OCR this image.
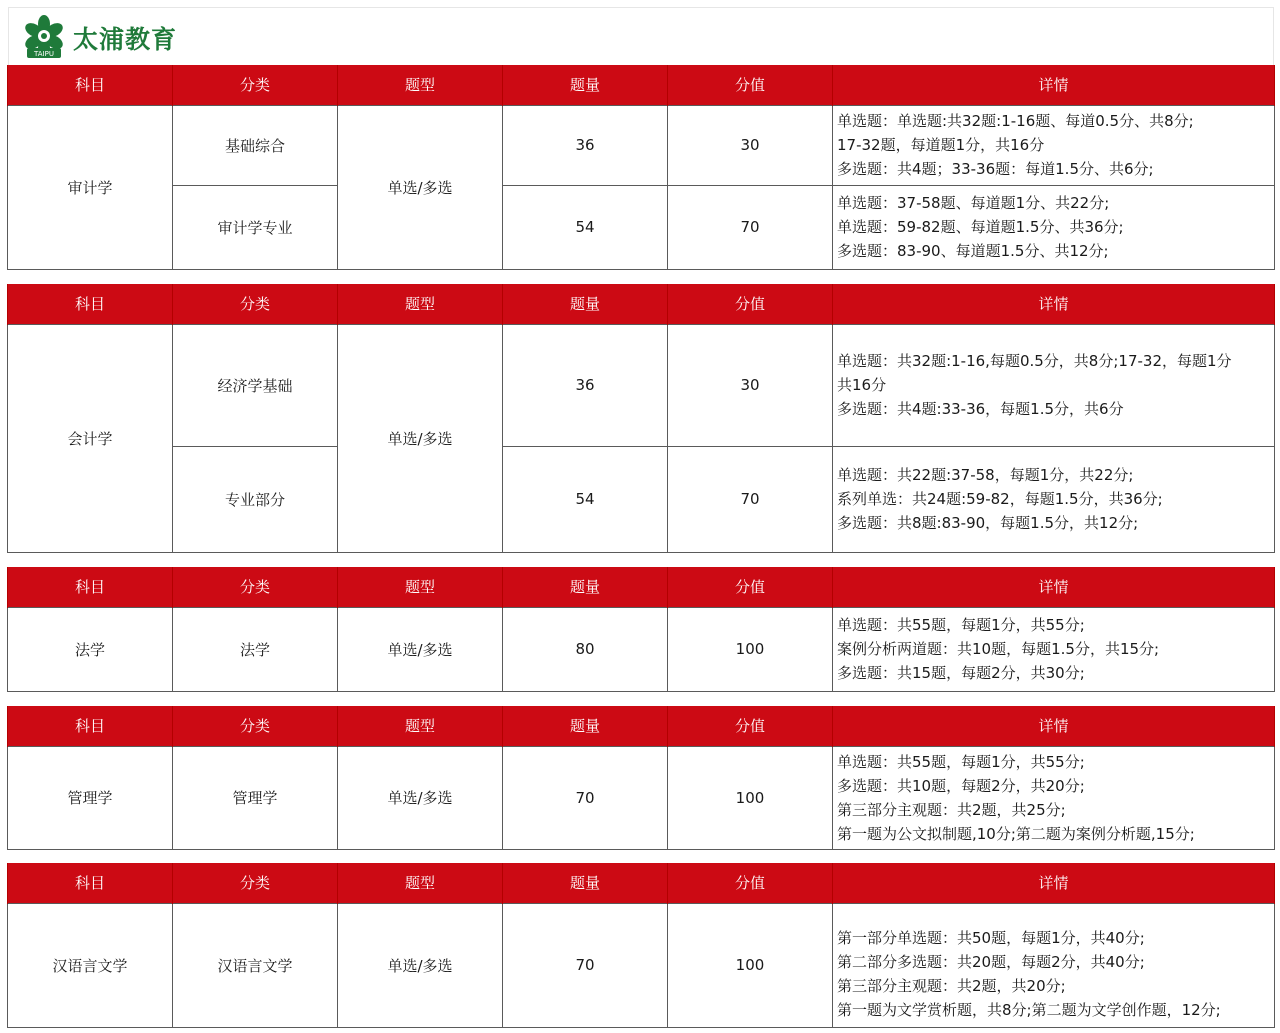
TAIPU 太浦教育
科目	分类	题型	题量	分值	详情
审计学	基础综合	单选/多选	36	30	单选题：单选题:共32题:1-16题、每道0.5分、共8分;
17-32题，每道题1分，共16分
多选题：共4题；33-36题：每道1.5分、共6分;

	审计学专业		54	70	单选题：37-58题、每道题1分、共22分;
单选题：59-82题、每道题1.5分、共36分;
多选题：83-90、每道题1.5分、共12分;
科目	分类	题型	题量	分值	详情
会计学	经济学基础	单选/多选	36	30	单选题：共32题:1-16,每题0.5分，共8分;17-32，每题1分
共16分
多选题：共4题:33-36，每题1.5分，共6分

	专业部分		54	70	单选题：共22题:37-58，每题1分，共22分;
系列单选：共24题:59-82，每题1.5分，共36分;
多选题：共8题:83-90，每题1.5分，共12分;
科目	分类	题型	题量	分值	详情
法学	法学	单选/多选	80	100	单选题：共55题，每题1分，共55分;
案例分析两道题：共10题，每题1.5分，共15分;
多选题：共15题，每题2分，共30分;
科目	分类	题型	题量	分值	详情
管理学	管理学	单选/多选	70	100	单选题：共55题，每题1分，共55分;
多选题：共10题，每题2分，共20分;
第三部分主观题：共2题，共25分;
第一题为公文拟制题,10分;第二题为案例分析题,15分;
科目	分类	题型	题量	分值	详情
汉语言文学	汉语言文学	单选/多选	70	100	第一部分单选题：共50题，每题1分，共40分;
第二部分多选题：共20题，每题2分，共40分;
第三部分主观题：共2题，共20分;
第一题为文学赏析题，共8分;第二题为文学创作题，12分;
